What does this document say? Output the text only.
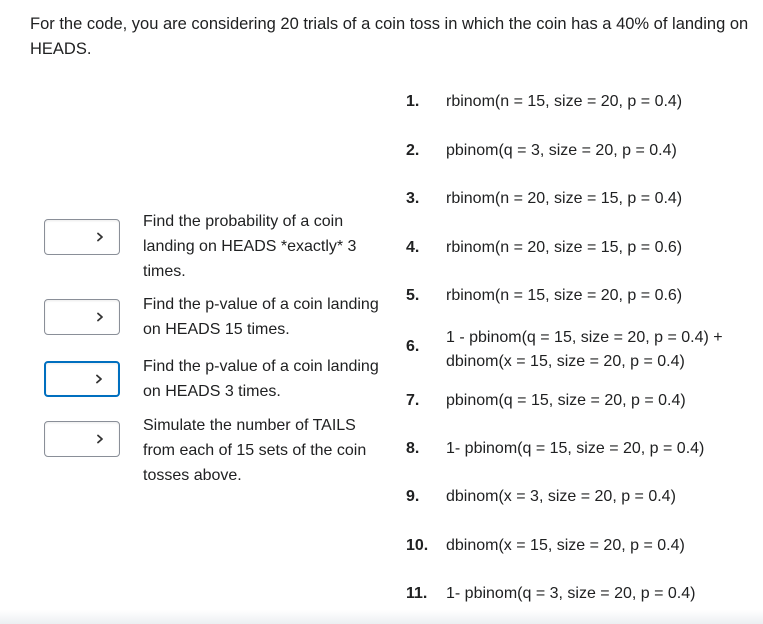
For the code, you are considering 20 trials of a coin toss in which the coin has a 40% of landing on HEADS.

Find the probability of a coin landing on HEADS *exactly* 3 times.

Find the p-value of a coin landing on HEADS 15 times.

Find the p-value of a coin landing on HEADS 3 times.

Simulate the number of TAILS from each of 15 sets of the coin tosses above.

1.	rbinom(n = 15, size = 20, p = 0.4)
2.	pbinom(q = 3, size = 20, p = 0.4)
3.	rbinom(n = 20, size = 15, p = 0.4)
4.	rbinom(n = 20, size = 15, p = 0.6)
5.	rbinom(n = 15, size = 20, p = 0.6)
6.
1 - pbinom(q = 15, size = 20, p = 0.4) + dbinom(x = 15, size = 20, p = 0.4)
7.	pbinom(q = 15, size = 20, p = 0.4)
8.	1- pbinom(q = 15, size = 20, p = 0.4)
9.	dbinom(x = 3, size = 20, p = 0.4)
10.	dbinom(x = 15, size = 20, p = 0.4)
11.	1- pbinom(q = 3, size = 20, p = 0.4)
